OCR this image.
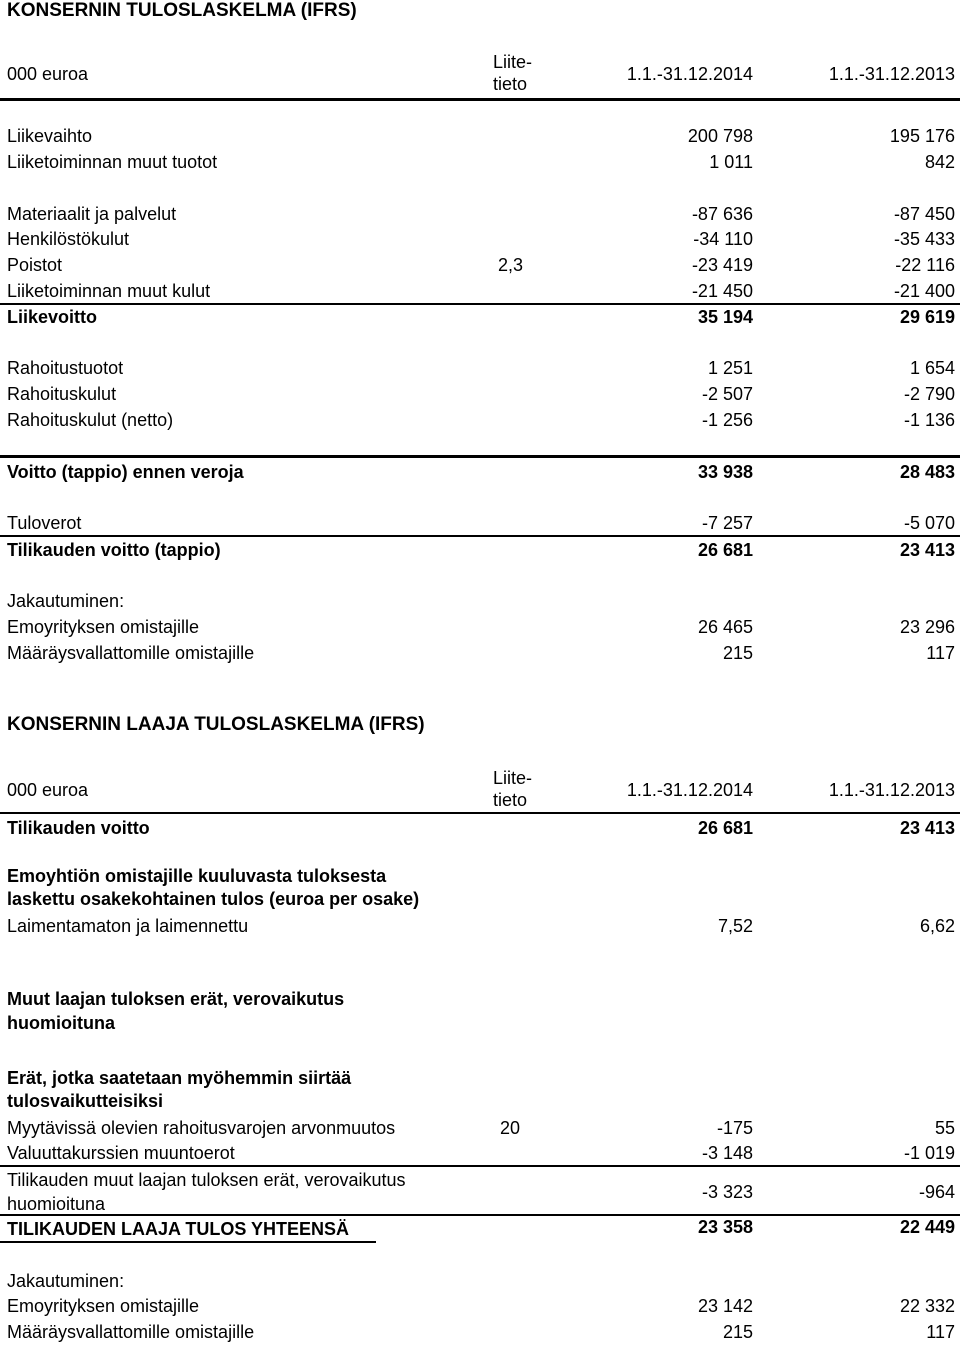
KONSERNIN TULOSLASKELMA (IFRS)
000 euroa
Liite-
tieto	1.1.-31.12.2014	1.1.-31.12.2013
Liikevaihto	200 798	195 176
Liiketoiminnan muut tuotot	1 011	842
Materiaalit ja palvelut	-87 636	-87 450
Henkilöstökulut	-34 110	-35 433
Poistot	2,3	-23 419	-22 116
Liiketoiminnan muut kulut	-21 450	-21 400
Liikevoitto	35 194	29 619
Rahoitustuotot	1 251	1 654
Rahoituskulut	-2 507	-2 790
Rahoituskulut (netto)	-1 256	-1 136
Voitto (tappio) ennen veroja	33 938	28 483
Tuloverot	-7 257	-5 070
Tilikauden voitto (tappio)	26 681	23 413
Jakautuminen:
Emoyrityksen omistajille	26 465	23 296
Määräysvallattomille omistajille	215	117
KONSERNIN LAAJA TULOSLASKELMA (IFRS)
000 euroa
Liite-
tieto	1.1.-31.12.2014	1.1.-31.12.2013
Tilikauden voitto	26 681	23 413
Emoyhtiön omistajille kuuluvasta tuloksesta
laskettu osakekohtainen tulos (euroa per osake)
Laimentamaton ja laimennettu	7,52	6,62
Muut laajan tuloksen erät, verovaikutus
huomioituna
Erät, jotka saatetaan myöhemmin siirtää
tulosvaikutteisiksi
Myytävissä olevien rahoitusvarojen arvonmuutos	20	-175	55
Valuuttakurssien muuntoerot	-3 148	-1 019
Tilikauden muut laajan tuloksen erät, verovaikutus
huomioituna
-3 323	-964
TILIKAUDEN LAAJA TULOS YHTEENSÄ	23 358	22 449
Jakautuminen:
Emoyrityksen omistajille	23 142	22 332
Määräysvallattomille omistajille	215	117
